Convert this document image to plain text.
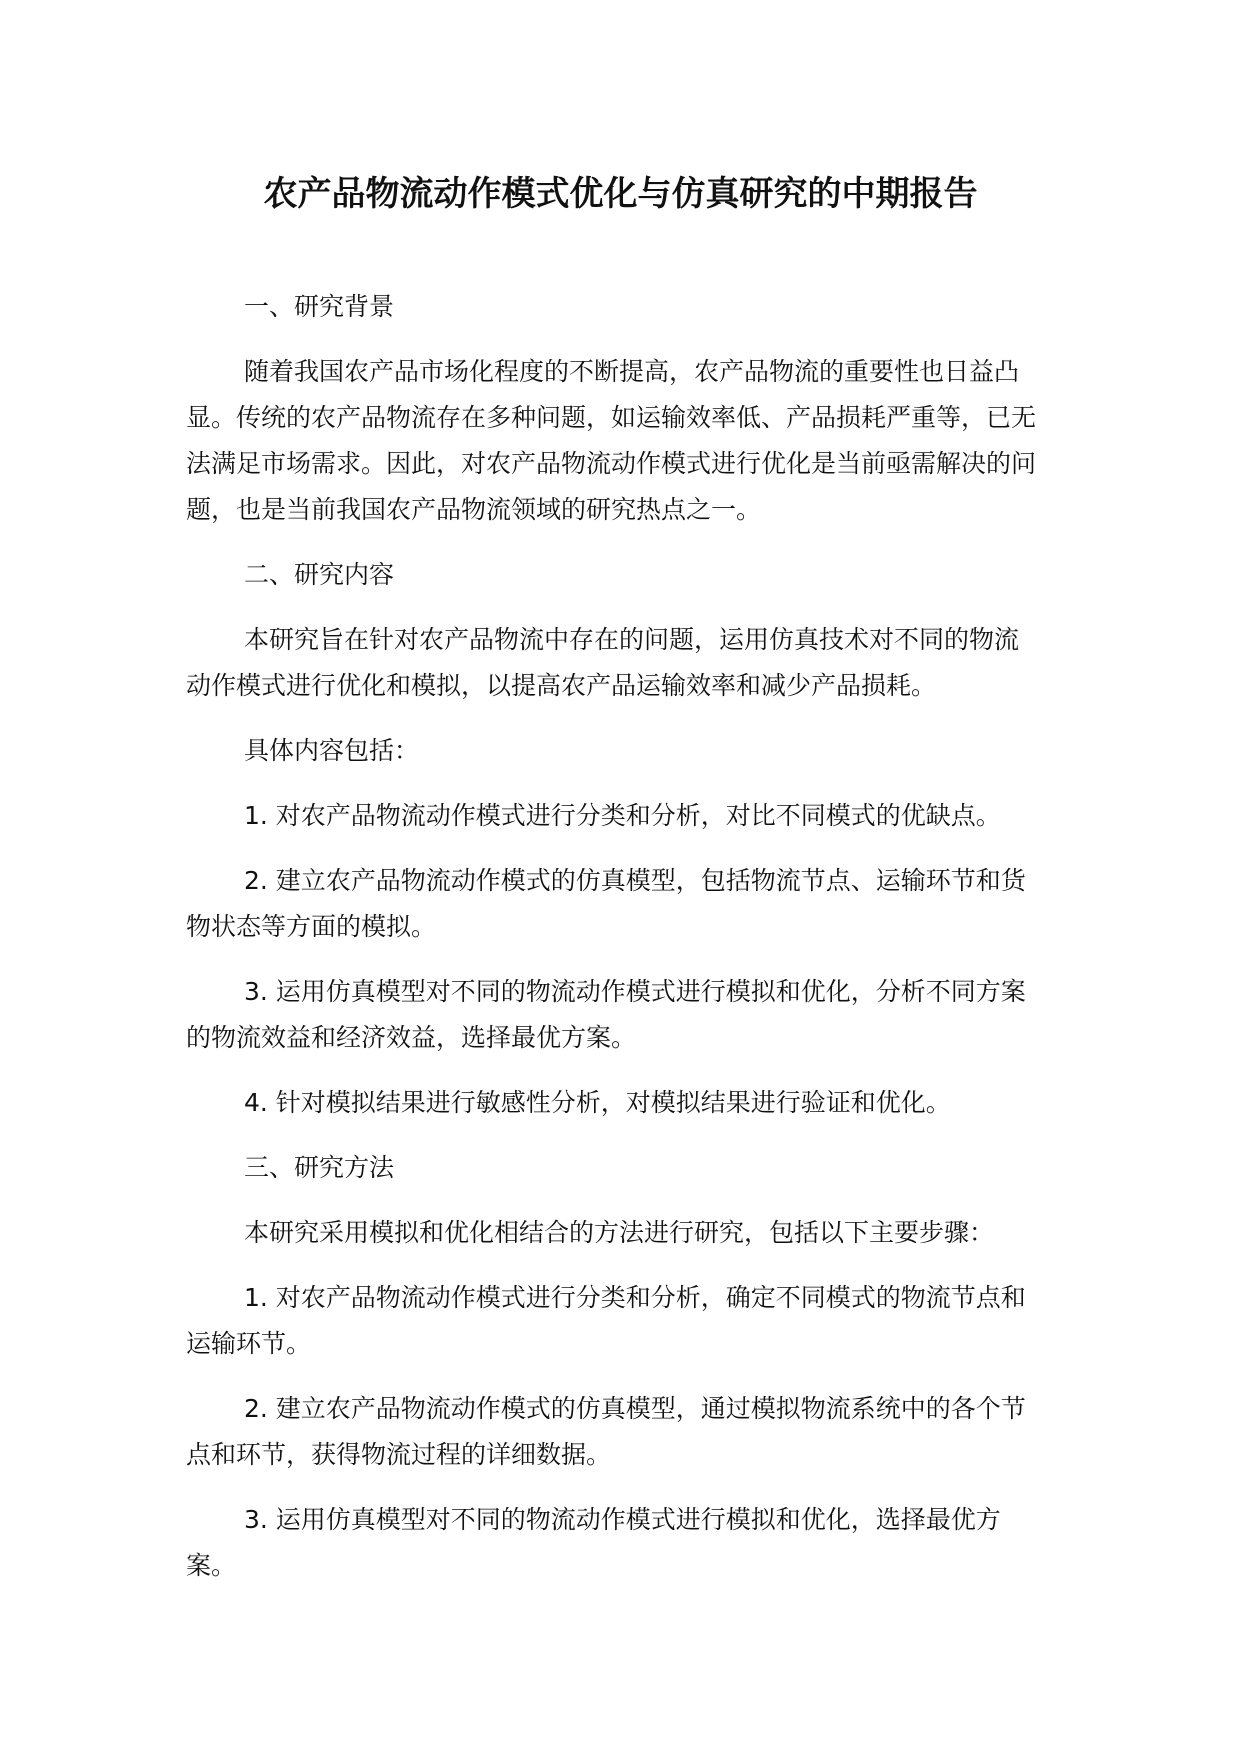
农产品物流动作模式优化与仿真研究的中期报告

一、研究背景

随着我国农产品市场化程度的不断提高，农产品物流的重要性也日益凸显。传统的农产品物流存在多种问题，如运输效率低、产品损耗严重等，已无法满足市场需求。因此，对农产品物流动作模式进行优化是当前亟需解决的问题，也是当前我国农产品物流领域的研究热点之一。

二、研究内容

本研究旨在针对农产品物流中存在的问题，运用仿真技术对不同的物流动作模式进行优化和模拟，以提高农产品运输效率和减少产品损耗。

具体内容包括：

1. 对农产品物流动作模式进行分类和分析，对比不同模式的优缺点。

2. 建立农产品物流动作模式的仿真模型，包括物流节点、运输环节和货物状态等方面的模拟。

3. 运用仿真模型对不同的物流动作模式进行模拟和优化，分析不同方案的物流效益和经济效益，选择最优方案。

4. 针对模拟结果进行敏感性分析，对模拟结果进行验证和优化。

三、研究方法

本研究采用模拟和优化相结合的方法进行研究，包括以下主要步骤：

1. 对农产品物流动作模式进行分类和分析，确定不同模式的物流节点和运输环节。

2. 建立农产品物流动作模式的仿真模型，通过模拟物流系统中的各个节点和环节，获得物流过程的详细数据。

3. 运用仿真模型对不同的物流动作模式进行模拟和优化，选择最优方案。
